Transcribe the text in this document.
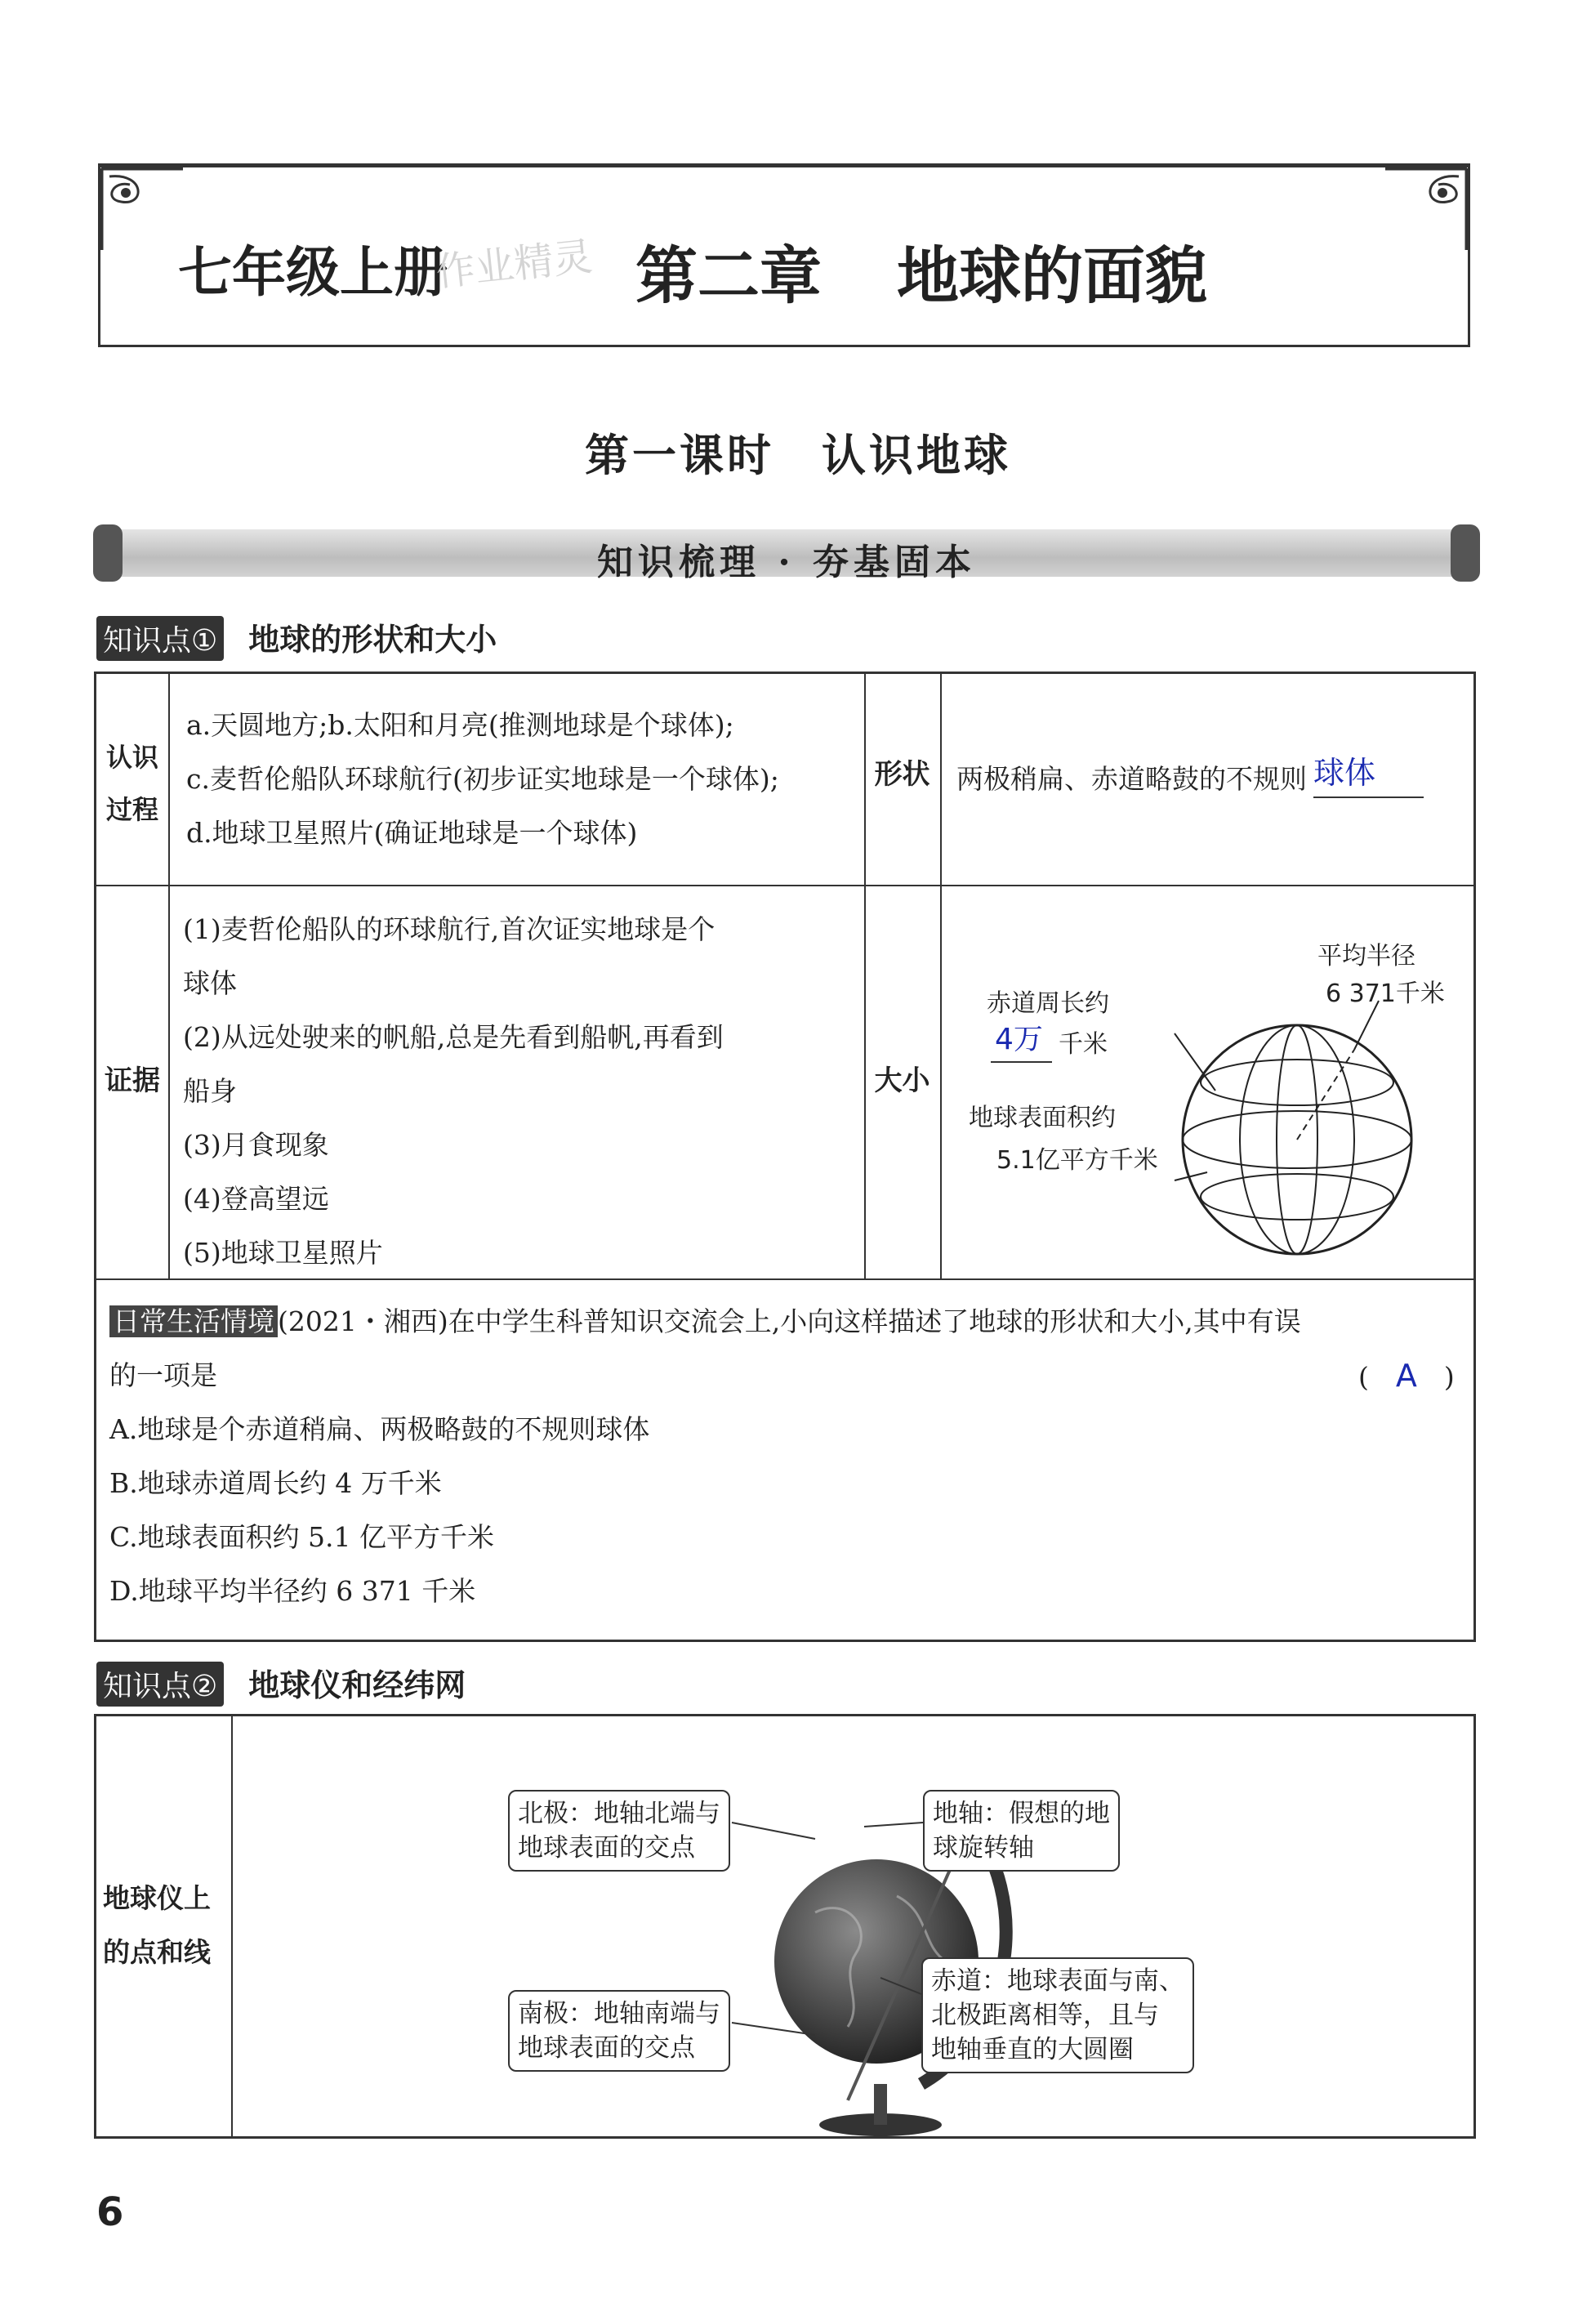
七年级上册
作业精灵 第二章 地球的面貌
第一课时　认识地球
知识梳理 · 夯基固本
知识点① 地球的形状和大小
认识过程
a.天圆地方;b.太阳和月亮(推测地球是个球体);
c.麦哲伦船队环球航行(初步证实地球是一个球体);
d.地球卫星照片(确证地球是一个球体)
形状 两极稍扁、赤道略鼓的不规则 球体
证据
(1)麦哲伦船队的环球航行,首次证实地球是个
球体
(2)从远处驶来的帆船,总是先看到船帆,再看到
船身
(3)月食现象
(4)登高望远
(5)地球卫星照片
大小
平均半径
6 371千米
赤道周长约
4万 千米
地球表面积约
5.1亿平方千米
日常生活情境 (2021・湘西)在中学生科普知识交流会上,小向这样描述了地球的形状和大小,其中有误
的一项是	(　A　)
A.地球是个赤道稍扁、两极略鼓的不规则球体
B.地球赤道周长约 4 万千米
C.地球表面积约 5.1 亿平方千米
D.地球平均半径约 6 371 千米
知识点② 地球仪和经纬网
地球仪上的点和线
北极：地轴北端与
地球表面的交点
地轴：假想的地
球旋转轴
南极：地轴南端与
地球表面的交点
赤道：地球表面与南、
北极距离相等，且与
地轴垂直的大圆圈
6
